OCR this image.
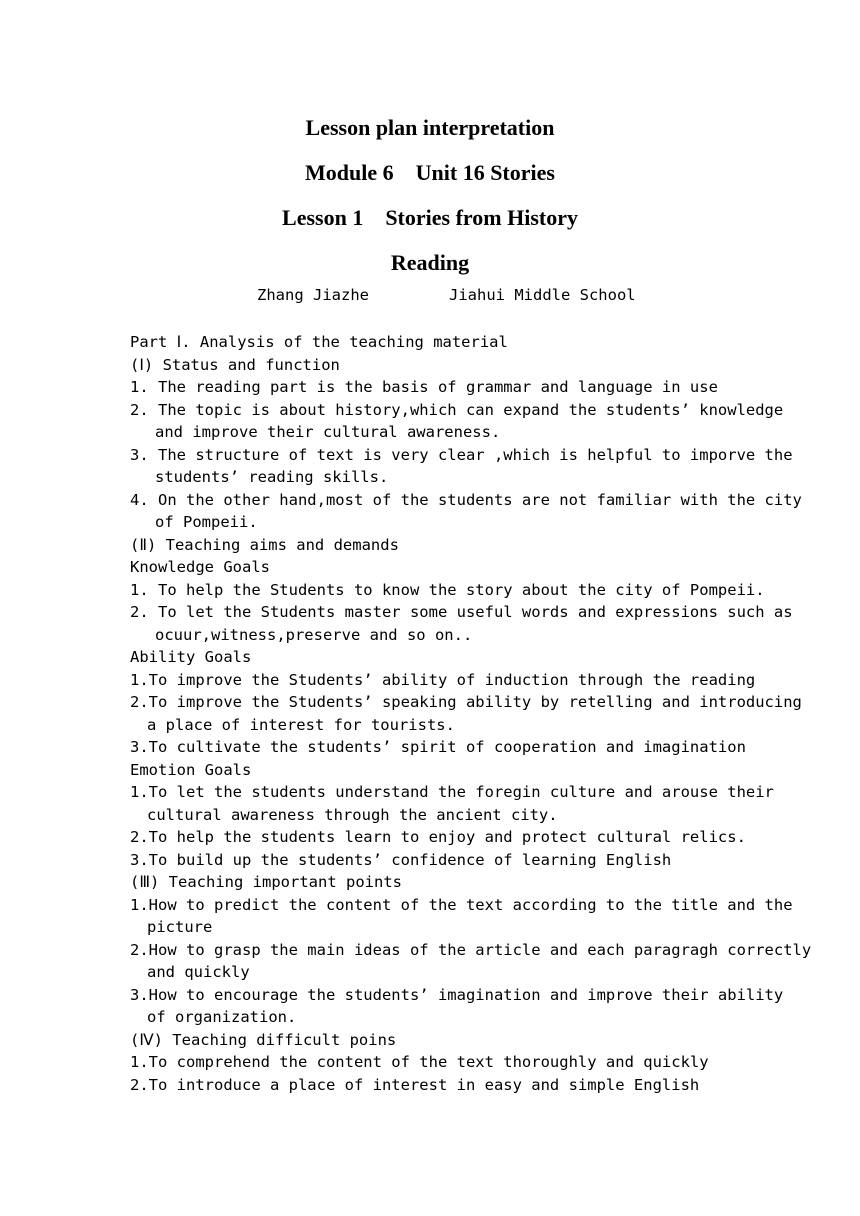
Lesson plan interpretation
Module 6    Unit 16 Stories
Lesson 1    Stories from History
Reading
Zhang Jiazhe	Jiahui Middle School
Part Ⅰ. Analysis of the teaching material
(Ⅰ) Status and function
1. The reading part is the basis of grammar and language in use
2. The topic is about history,which can expand the students’ knowledge
and improve their cultural awareness.
3. The structure of text is very clear ,which is helpful to imporve the
students’ reading skills.
4. On the other hand,most of the students are not familiar with the city
of Pompeii.
(Ⅱ) Teaching aims and demands
Knowledge Goals
1. To help the Students to know the story about the city of Pompeii.
2. To let the Students master some useful words and expressions such as
ocuur,witness,preserve and so on..
Ability Goals
1.To improve the Students’ ability of induction through the reading
2.To improve the Students’ speaking ability by retelling and introducing
a place of interest for tourists.
3.To cultivate the students’ spirit of cooperation and imagination
Emotion Goals
1.To let the students understand the foregin culture and arouse their
cultural awareness through the ancient city.
2.To help the students learn to enjoy and protect cultural relics.
3.To build up the students’ confidence of learning English
(Ⅲ) Teaching important points
1.How to predict the content of the text according to the title and the
picture
2.How to grasp the main ideas of the article and each paragragh correctly
and quickly
3.How to encourage the students’ imagination and improve their ability
of organization.
(Ⅳ) Teaching difficult poins
1.To comprehend the content of the text thoroughly and quickly
2.To introduce a place of interest in easy and simple English
